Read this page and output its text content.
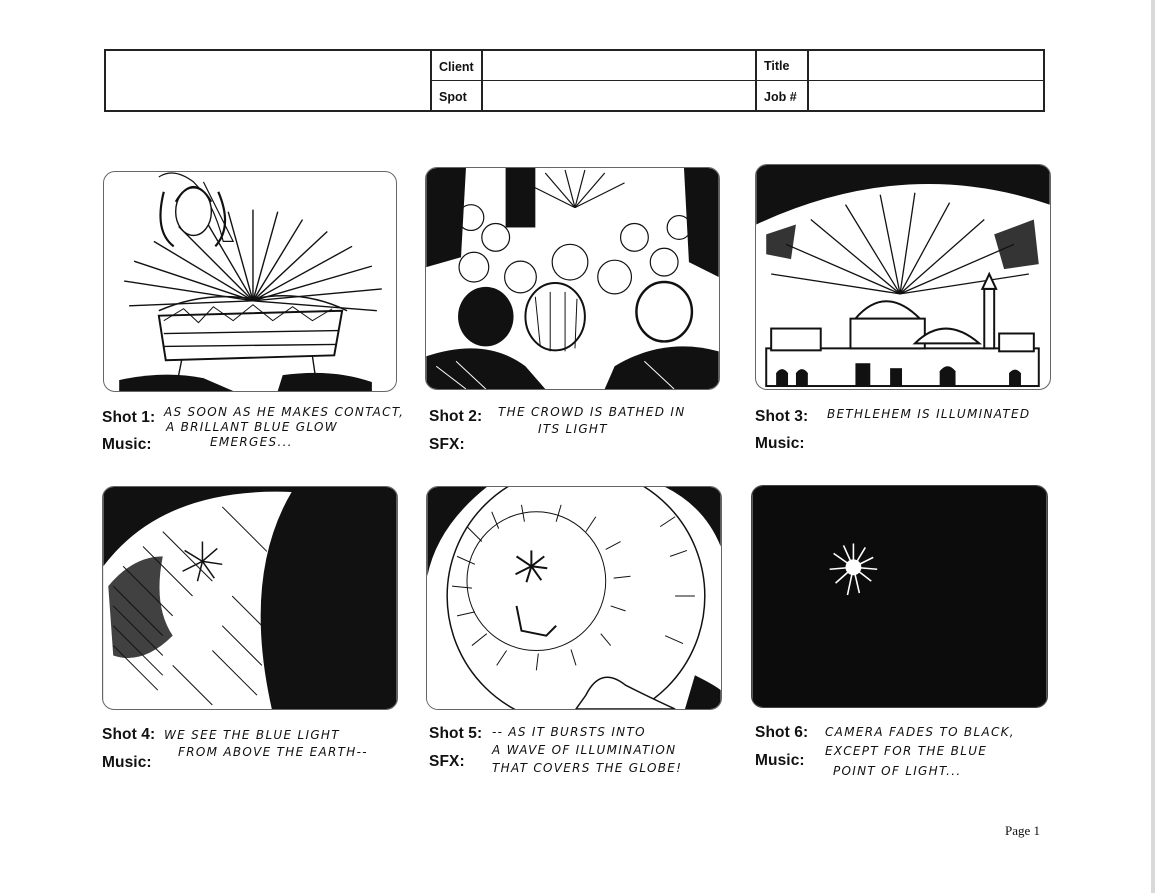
Client
Spot
Title
Job #
Shot 1:
Music:
AS SOON AS HE MAKES CONTACT,
A BRILLANT BLUE GLOW
EMERGES...
Shot 2:
SFX:
THE CROWD IS BATHED IN
ITS LIGHT
Shot 3:
Music:
BETHLEHEM IS ILLUMINATED
Shot 4:
Music:
WE SEE THE BLUE LIGHT
FROM ABOVE THE EARTH--
Shot 5:
SFX:
-- AS IT BURSTS INTO
A WAVE OF ILLUMINATION
THAT COVERS THE GLOBE!
Shot 6:
Music:
CAMERA FADES TO BLACK,
EXCEPT FOR THE BLUE
POINT OF LIGHT...
Page 1
